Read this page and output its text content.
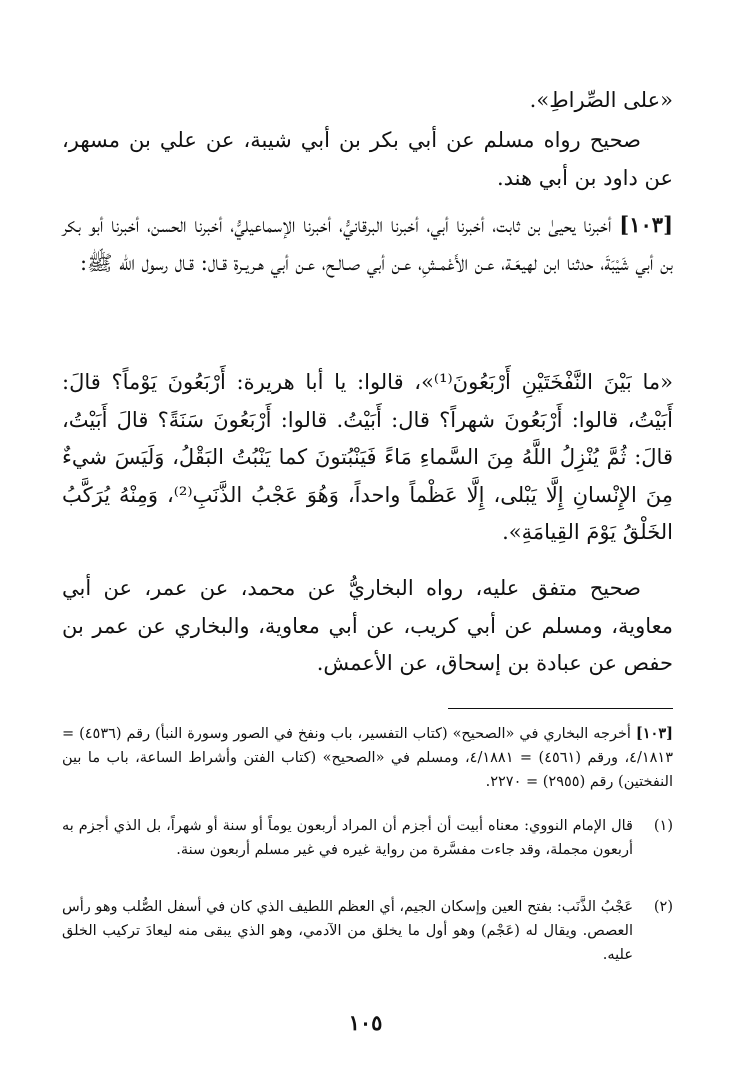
«على الصِّراطِ».

صحيح رواه مسلم عن أبي بكر بن أبي شيبة، عن علي بن مسهر، عن داود بن أبي هند.

[١٠٣] أخبرنا يحيىٰ بن ثابت، أخبرنا أبي، أخبرنا البرقانيُّ، أخبرنا الإسماعيليُّ، أخبرنا الحسن، أخبرنا أبو بكر بن أبي شَيْبَةَ، حدثنا ابن لهيعَـة، عـن الأَعْمـشِ، عـن أبي صـالـح، عـن أبي هـريـرة قـال: قـال رسول الله ﷺ:

«ما بَيْنَ النَّفْخَتَيْنِ أَرْبَعُونَ⁽¹⁾»، قالوا: يا أبا هريرة: أَرْبَعُونَ يَوْماً؟ قالَ: أَبَيْتُ، قالوا: أَرْبَعُونَ شهراً؟ قال: أَبَيْتُ. قالوا: أَرْبَعُونَ سَنَةً؟ قالَ أَبَيْتُ، قالَ: ثُمَّ يُنْزِلُ اللَّهُ مِنَ السَّماءِ مَاءً فَيَنْبُتونَ كما يَنْبُتُ البَقْلُ، وَلَيَسَ شيءٌ مِنَ الإِنْسانِ إِلَّا يَبْلى، إِلَّا عَظْماً واحداً، وَهُوَ عَجْبُ الذَّنَبِ⁽²⁾، وَمِنْهُ يُرَكَّبُ الخَلْقُ يَوْمَ القِيامَةِ».

صحيح متفق عليه، رواه البخاريُّ عن محمد، عن عمر، عن أبي معاوية، ومسلم عن أبي كريب، عن أبي معاوية، والبخاري عن عمر بن حفص عن عبادة بن إسحاق، عن الأعمش.

[١٠٣] أخرجه البخاري في «الصحيح» (كتاب التفسير، باب ونفخ في الصور وسورة النبأ) رقم (٤٥٣٦) = ٤/١٨١٣، ورقم (٤٥٦١) = ٤/١٨٨١، ومسلم في «الصحيح» (كتاب الفتن وأشراط الساعة، باب ما بين النفختين) رقم (٢٩٥٥) = ٢٢٧٠.
(١)
قال الإمام النووي: معناه أبيت أن أجزم أن المراد أربعون يوماً أو سنة أو شهراً، بل الذي أجزم به أربعون مجملة، وقد جاءت مفسَّرة من رواية غيره في غير مسلم أربعون سنة.
(٢)
عَجْبُ الذَّنَب: بفتح العين وإسكان الجيم، أي العظم اللطيف الذي كان في أسفل الصُّلب وهو رأس العصص. ويقال له (عَجْم) وهو أول ما يخلق من الآدمي، وهو الذي يبقى منه ليعادَ تركيب الخلق عليه.
١٠٥
